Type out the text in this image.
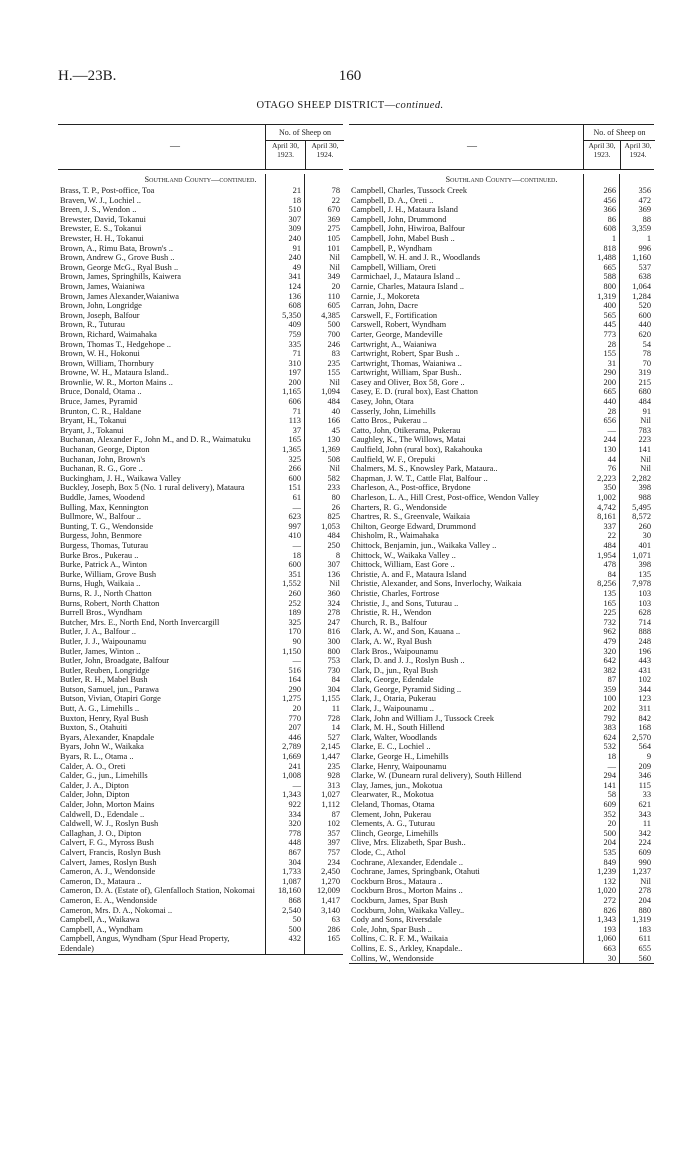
H.—23B.	160
OTAGO SHEEP DISTRICT—continued.
—
No. of Sheep on
April 30, 1923.
April 30, 1924.
Southland County—continued.
Brass, T. P., Post-office, Toa	21	78
Braven, W. J., Lochiel ..	18	22
Breen, J. S., Wendon ..	510	670
Brewster, David, Tokanui	307	369
Brewster, E. S., Tokanui	309	275
Brewster, H. H., Tokanui	240	105
Brown, A., Rimu Bata, Brown's ..	91	101
Brown, Andrew G., Grove Bush ..	240	Nil
Brown, George McG., Ryal Bush ..	49	Nil
Brown, James, Springhills, Kaiwera	341	349
Brown, James, Waianiwa	124	20
Brown, James Alexander,Waianiwa	136	110
Brown, John, Longridge	608	605
Brown, Joseph, Balfour	5,350	4,385
Brown, R., Tuturau	409	500
Brown, Richard, Waimahaka	759	700
Brown, Thomas T., Hedgehope ..	335	246
Brown, W. H., Hokonui	71	83
Brown, William, Thornbury	310	235
Browne, W. H., Mataura Island..	197	155
Brownlie, W. R., Morton Mains ..	200	Nil
Bruce, Donald, Otama ..	1,165	1,094
Bruce, James, Pyramid	606	484
Brunton, C. R., Haldane	71	40
Bryant, H., Tokanui	113	166
Bryant, J., Tokanui	37	45
Buchanan, Alexander F., John M., and D. R., Waimatuku	165	130
Buchanan, George, Dipton	1,365	1,369
Buchanan, John, Brown's	325	508
Buchanan, R. G., Gore ..	266	Nil
Buckingham, J. H., Waikawa Valley	600	582
Buckley, Joseph, Box 5 (No. 1 rural delivery), Mataura	151	233
Buddle, James, Woodend	61	80
Bulling, Max, Kennington	—	26
Bullmore, W., Balfour ..	623	825
Bunting, T. G., Wendonside	997	1,053
Burgess, John, Benmore	410	484
Burgess, Thomas, Tuturau	—	250
Burke Bros., Pukerau ..	18	8
Burke, Patrick A., Winton	600	307
Burke, William, Grove Bush	351	136
Burns, Hugh, Waikaia ..	1,552	Nil
Burns, R. J., North Chatton	260	360
Burns, Robert, North Chatton	252	324
Burrell Bros., Wyndham	189	278
Butcher, Mrs. E., North End, North Invercargill	325	247
Butler, J. A., Balfour ..	170	816
Butler, J. J., Waipounamu	90	300
Butler, James, Winton ..	1,150	800
Butler, John, Broadgate, Balfour	—	753
Butler, Reuben, Longridge	516	730
Butler, R. H., Mabel Bush	164	84
Butson, Samuel, jun., Parawa	290	304
Butson, Vivian, Otapiri Gorge	1,275	1,155
Butt, A. G., Limehills ..	20	11
Buxton, Henry, Ryal Bush	770	728
Buxton, S., Otahuiti	207	14
Byars, Alexander, Knapdale	446	527
Byars, John W., Waikaka	2,789	2,145
Byars, R. L., Otama ..	1,669	1,447
Calder, A. O., Oreti	241	235
Calder, G., jun., Limehills	1,008	928
Calder, J. A., Dipton	—	313
Calder, John, Dipton	1,343	1,027
Calder, John, Morton Mains	922	1,112
Caldwell, D., Edendale ..	334	87
Caldwell, W. J., Roslyn Bush	320	102
Callaghan, J. O., Dipton	778	357
Calvert, F. G., Myross Bush	448	397
Calvert, Francis, Roslyn Bush	867	757
Calvert, James, Roslyn Bush	304	234
Cameron, A. J., Wendonside	1,733	2,450
Cameron, D., Mataura ..	1,087	1,270
Cameron, D. A. (Estate of), Glenfalloch Station, Nokomai	18,160	12,009
Cameron, E. A., Wendonside	868	1,417
Cameron, Mrs. D. A., Nokomai ..	2,540	3,140
Campbell, A., Waikawa	50	63
Campbell, A., Wyndham	500	286
Campbell, Angus, Wyndham (Spur Head Property, Edendale)
432	165
—
No. of Sheep on
April 30, 1923.
April 30, 1924.
Southland County—continued.
Campbell, Charles, Tussock Creek	266	356
Campbell, D. A., Oreti ..	456	472
Campbell, J. H., Mataura Island	366	369
Campbell, John, Drummond	86	88
Campbell, John, Hiwiroa, Balfour	608	3,359
Campbell, John, Mabel Bush ..	1	1
Campbell, P., Wyndham	818	996
Campbell, W. H. and J. R., Woodlands	1,488	1,160
Campbell, William, Oreti	665	537
Carmichael, J., Mataura Island ..	588	638
Carnie, Charles, Mataura Island ..	800	1,064
Carnie, J., Mokoreta	1,319	1,284
Carran, John, Dacre	400	520
Carswell, F., Fortification	565	600
Carswell, Robert, Wyndham	445	440
Carter, George, Mandeville	773	620
Cartwright, A., Waianiwa	28	54
Cartwright, Robert, Spar Bush ..	155	78
Cartwright, Thomas, Waianiwa ..	31	70
Cartwright, William, Spar Bush..	290	319
Casey and Oliver, Box 58, Gore ..	200	215
Casey, E. D. (rural box), East Chatton	665	680
Casey, John, Otara	440	484
Casserly, John, Limehills	28	91
Catto Bros., Pukerau ..	656	Nil
Catto, John, Otikerama, Pukerau	—	783
Caughley, K., The Willows, Matai	244	223
Caulfield, John (rural box), Rakahouka	130	141
Caulfield, W. F., Orepuki	44	Nil
Chalmers, M. S., Knowsley Park, Mataura..	76	Nil
Chapman, J. W. T., Cattle Flat, Balfour ..	2,223	2,282
Charleson, A., Post-office, Brydone	350	398
Charleson, L. A., Hill Crest, Post-office, Wendon Valley	1,002	988
Charters, R. G., Wendonside	4,742	5,495
Chartres, R. S., Greenvale, Waikaia	8,161	8,572
Chilton, George Edward, Drummond	337	260
Chisholm, R., Waimahaka	22	30
Chittock, Benjamin, jun., Waikaka Valley ..	484	401
Chittock, W., Waikaka Valley ..	1,954	1,071
Chittock, William, East Gore ..	478	398
Christie, A. and F., Mataura Island	84	135
Christie, Alexander, and Sons, Inverlochy, Waikaia	8,256	7,978
Christie, Charles, Fortrose	135	103
Christie, J., and Sons, Tuturau ..	165	103
Christie, R. H., Wendon	225	628
Church, R. B., Balfour	732	714
Clark, A. W., and Son, Kauana ..	962	888
Clark, A. W., Ryal Bush	479	248
Clark Bros., Waipounamu	320	196
Clark, D. and J. J., Roslyn Bush ..	642	443
Clark, D., jun., Ryal Bush	382	431
Clark, George, Edendale	87	102
Clark, George, Pyramid Siding ..	359	344
Clark, J., Otaria, Pukerau	100	123
Clark, J., Waipounamu ..	202	311
Clark, John and William J., Tussock Creek	792	842
Clark, M. H., South Hillend	383	168
Clark, Walter, Woodlands	624	2,570
Clarke, E. C., Lochiel ..	532	564
Clarke, George H., Limehills	18	9
Clarke, Henry, Waipounamu	—	209
Clarke, W. (Dunearn rural delivery), South Hillend	294	346
Clay, James, jun., Mokotua	141	115
Clearwater, R., Mokotua	58	33
Cleland, Thomas, Otama	609	621
Clement, John, Pukerau	352	343
Clements, A. G., Tuturau	20	11
Clinch, George, Limehills	500	342
Clive, Mrs. Elizabeth, Spar Bush..	204	224
Clode, C., Athol	535	609
Cochrane, Alexander, Edendale ..	849	990
Cochrane, James, Springbank, Otahuti	1,239	1,237
Cockburn Bros., Mataura ..	132	Nil
Cockburn Bros., Morton Mains ..	1,020	278
Cockburn, James, Spar Bush	272	204
Cockburn, John, Waikaka Valley..	826	880
Cody and Sons, Riversdale	1,343	1,319
Cole, John, Spar Bush ..	193	183
Collins, C. R. F. M., Waikaia	1,060	611
Collins, E. S., Arkley, Knapdale..	663	655
Collins, W., Wendonside	30	560
